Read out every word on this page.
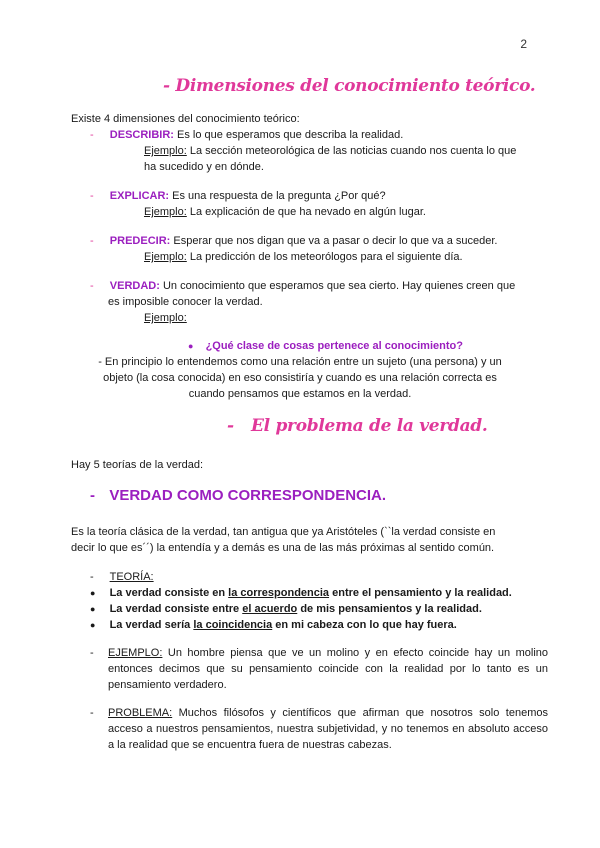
2
- Dimensiones del conocimiento teórico.
Existe 4 dimensiones del conocimiento teórico:
- DESCRIBIR: Es lo que esperamos que describa la realidad.
Ejemplo: La sección meteorológica de las noticias cuando nos cuenta lo que
ha sucedido y en dónde.
- EXPLICAR: Es una respuesta de la pregunta ¿Por qué?
Ejemplo: La explicación de que ha nevado en algún lugar.
- PREDECIR: Esperar que nos digan que va a pasar o decir lo que va a suceder.
Ejemplo: La predicción de los meteorólogos para el siguiente día.
- VERDAD: Un conocimiento que esperamos que sea cierto. Hay quienes creen que
es imposible conocer la verdad.
Ejemplo:
● ¿Qué clase de cosas pertenece al conocimiento?
- En principio lo entendemos como una relación entre un sujeto (una persona) y un
objeto (la cosa conocida) en eso consistiría y cuando es una relación correcta es
cuando pensamos que estamos en la verdad.
- El problema de la verdad.
Hay 5 teorías de la verdad:
- VERDAD COMO CORRESPONDENCIA.
Es la teoría clásica de la verdad, tan antigua que ya Aristóteles (``la verdad consiste en
decir lo que es´´) la entendía y a demás es una de las más próximas al sentido común.
- TEORÍA:
● La verdad consiste en la correspondencia entre el pensamiento y la realidad.
● La verdad consiste entre el acuerdo de mis pensamientos y la realidad.
● La verdad sería la coincidencia en mi cabeza con lo que hay fuera.
- EJEMPLO: Un hombre piensa que ve un molino y en efecto coincide hay un molino entonces decimos que su pensamiento coincide con la realidad por lo tanto es un pensamiento verdadero.
- PROBLEMA: Muchos filósofos y científicos que afirman que nosotros solo tenemos acceso a nuestros pensamientos, nuestra subjetividad, y no tenemos en absoluto acceso a la realidad que se encuentra fuera de nuestras cabezas.
